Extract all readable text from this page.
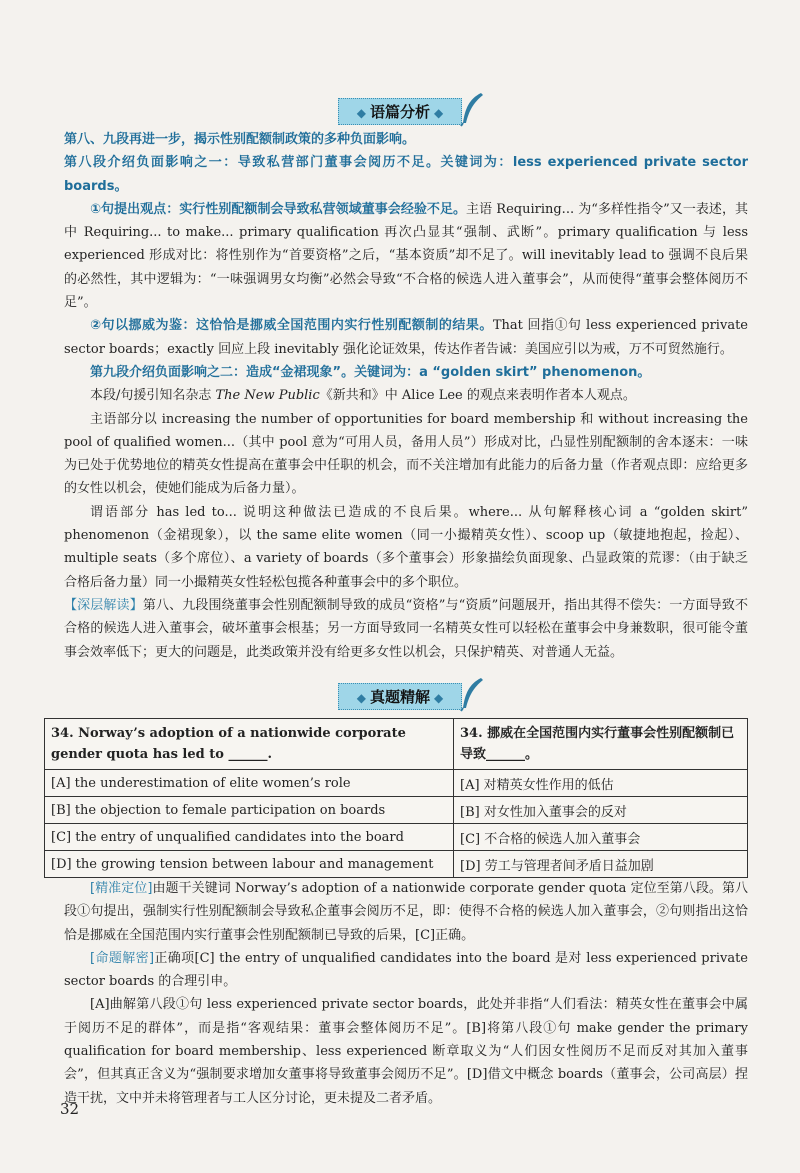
◆ 语篇分析 ◆

第八、九段再进一步，揭示性别配额制政策的多种负面影响。

第八段介绍负面影响之一：导致私营部门董事会阅历不足。关键词为：less experienced private sector boards。

①句提出观点：实行性别配额制会导致私营领域董事会经验不足。主语 Requiring... 为“多样性指令”又一表述，其中 Requiring... to make... primary qualification 再次凸显其“强制、武断”。primary qualification 与 less experienced 形成对比：将性别作为“首要资格”之后，“基本资质”却不足了。will inevitably lead to 强调不良后果的必然性，其中逻辑为：“一味强调男女均衡”必然会导致“不合格的候选人进入董事会”，从而使得“董事会整体阅历不足”。

②句以挪威为鉴：这恰恰是挪威全国范围内实行性别配额制的结果。That 回指①句 less experienced private sector boards；exactly 回应上段 inevitably 强化论证效果，传达作者告诫：美国应引以为戒，万不可贸然施行。

第九段介绍负面影响之二：造成“金裙现象”。关键词为：a “golden skirt” phenomenon。

本段/句援引知名杂志 The New Public《新共和》中 Alice Lee 的观点来表明作者本人观点。

主语部分以 increasing the number of opportunities for board membership 和 without increasing the pool of qualified women...（其中 pool 意为“可用人员，备用人员”）形成对比，凸显性别配额制的舍本逐末：一味为已处于优势地位的精英女性提高在董事会中任职的机会，而不关注增加有此能力的后备力量（作者观点即：应给更多的女性以机会，使她们能成为后备力量）。

谓语部分 has led to... 说明这种做法已造成的不良后果。where... 从句解释核心词 a “golden skirt” phenomenon（金裙现象），以 the same elite women（同一小撮精英女性）、scoop up（敏捷地抱起，捡起）、multiple seats（多个席位）、a variety of boards（多个董事会）形象描绘负面现象、凸显政策的荒谬：（由于缺乏合格后备力量）同一小撮精英女性轻松包揽各种董事会中的多个职位。

【深层解读】第八、九段围绕董事会性别配额制导致的成员“资格”与“资质”问题展开，指出其得不偿失：一方面导致不合格的候选人进入董事会，破坏董事会根基；另一方面导致同一名精英女性可以轻松在董事会中身兼数职，很可能令董事会效率低下；更大的问题是，此类政策并没有给更多女性以机会，只保护精英、对普通人无益。

◆ 真题精解 ◆
34. Norway’s adoption of a nationwide corporate gender quota has led to ______.	34. 挪威在全国范围内实行董事会性别配额制已导致______。
[A] the underestimation of elite women’s role	[A] 对精英女性作用的低估
[B] the objection to female participation on boards	[B] 对女性加入董事会的反对
[C] the entry of unqualified candidates into the board	[C] 不合格的候选人加入董事会
[D] the growing tension between labour and management	[D] 劳工与管理者间矛盾日益加剧

[精准定位]由题干关键词 Norway’s adoption of a nationwide corporate gender quota 定位至第八段。第八段①句提出，强制实行性别配额制会导致私企董事会阅历不足，即：使得不合格的候选人加入董事会，②句则指出这恰恰是挪威在全国范围内实行董事会性别配额制已导致的后果，[C]正确。

[命题解密]正确项[C] the entry of unqualified candidates into the board 是对 less experienced private sector boards 的合理引申。

[A]曲解第八段①句 less experienced private sector boards，此处并非指“人们看法：精英女性在董事会中属于阅历不足的群体”，而是指“客观结果：董事会整体阅历不足”。[B]将第八段①句 make gender the primary qualification for board membership、less experienced 断章取义为“人们因女性阅历不足而反对其加入董事会”，但其真正含义为“强制要求增加女董事将导致董事会阅历不足”。[D]借文中概念 boards（董事会，公司高层）捏造干扰，文中并未将管理者与工人区分讨论，更未提及二者矛盾。

32
